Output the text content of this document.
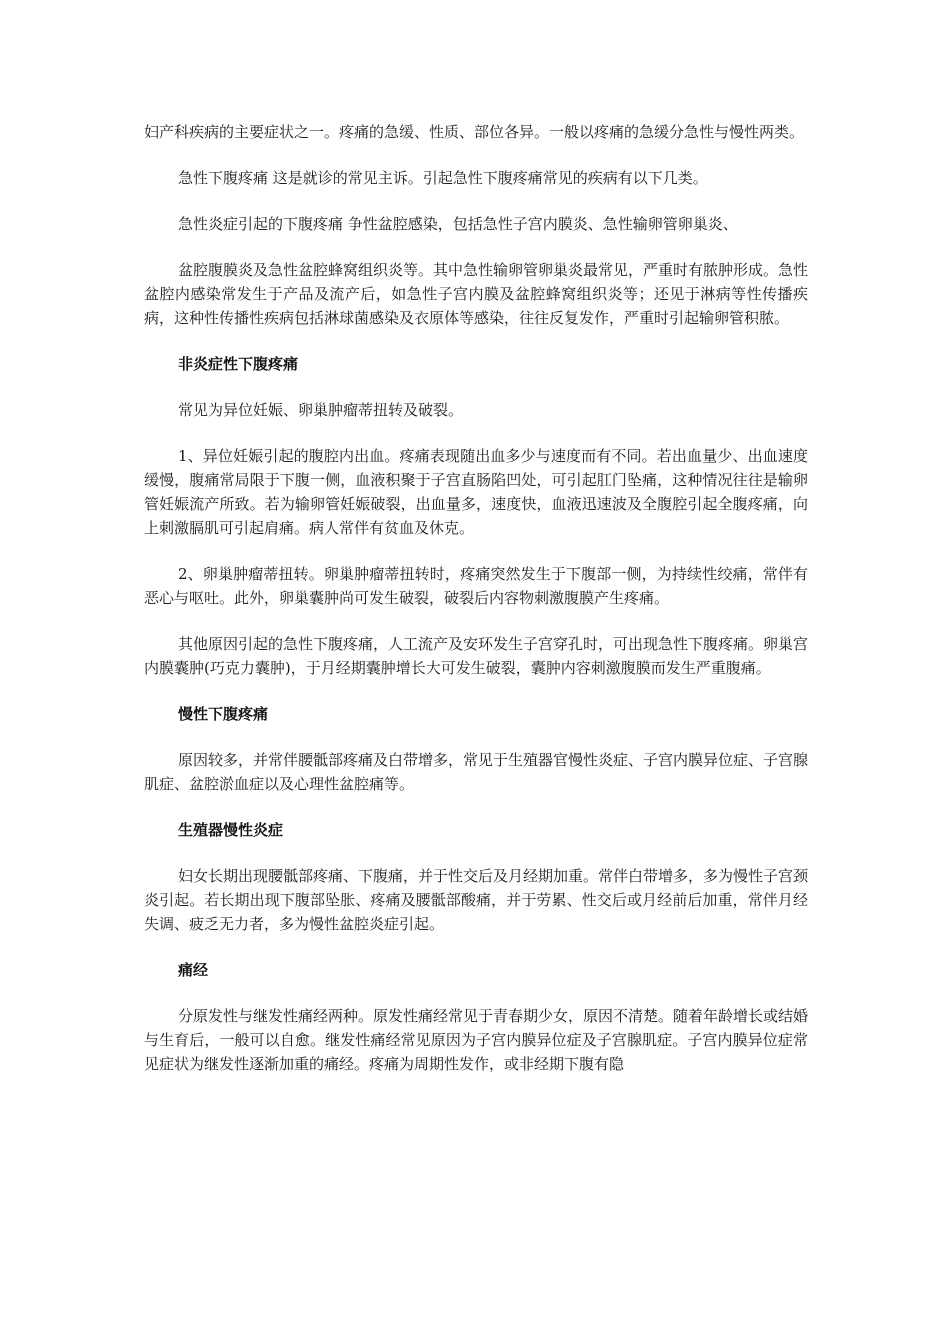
妇产科疾病的主要症状之一。疼痛的急缓、性质、部位各异。一般以疼痛的急缓分急性与慢性两类。

急性下腹疼痛 这是就诊的常见主诉。引起急性下腹疼痛常见的疾病有以下几类。

急性炎症引起的下腹疼痛 争性盆腔感染，包括急性子宫内膜炎、急性输卵管卵巢炎、

盆腔腹膜炎及急性盆腔蜂窝组织炎等。其中急性输卵管卵巢炎最常见，严重时有脓肿形成。急性盆腔内感染常发生于产品及流产后，如急性子宫内膜及盆腔蜂窝组织炎等；还见于淋病等性传播疾病，这种性传播性疾病包括淋球菌感染及衣原体等感染，往往反复发作，严重时引起输卵管积脓。

非炎症性下腹疼痛

常见为异位妊娠、卵巢肿瘤蒂扭转及破裂。

1、异位妊娠引起的腹腔内出血。疼痛表现随出血多少与速度而有不同。若出血量少、出血速度缓慢，腹痛常局限于下腹一侧，血液积聚于子宫直肠陷凹处，可引起肛门坠痛，这种情况往往是输卵管妊娠流产所致。若为输卵管妊娠破裂，出血量多，速度快，血液迅速波及全腹腔引起全腹疼痛，向上刺激膈肌可引起肩痛。病人常伴有贫血及休克。

2、卵巢肿瘤蒂扭转。卵巢肿瘤蒂扭转时，疼痛突然发生于下腹部一侧，为持续性绞痛，常伴有恶心与呕吐。此外，卵巢囊肿尚可发生破裂，破裂后内容物刺激腹膜产生疼痛。

其他原因引起的急性下腹疼痛，人工流产及安环发生子宫穿孔时，可出现急性下腹疼痛。卵巢宫内膜囊肿(巧克力囊肿)，于月经期囊肿增长大可发生破裂，囊肿内容刺激腹膜而发生严重腹痛。

慢性下腹疼痛

原因较多，并常伴腰骶部疼痛及白带增多，常见于生殖器官慢性炎症、子宫内膜异位症、子宫腺肌症、盆腔淤血症以及心理性盆腔痛等。

生殖器慢性炎症

妇女长期出现腰骶部疼痛、下腹痛，并于性交后及月经期加重。常伴白带增多，多为慢性子宫颈炎引起。若长期出现下腹部坠胀、疼痛及腰骶部酸痛，并于劳累、性交后或月经前后加重，常伴月经失调、疲乏无力者，多为慢性盆腔炎症引起。

痛经

分原发性与继发性痛经两种。原发性痛经常见于青春期少女，原因不清楚。随着年龄增长或结婚与生育后，一般可以自愈。继发性痛经常见原因为子宫内膜异位症及子宫腺肌症。子宫内膜异位症常见症状为继发性逐渐加重的痛经。疼痛为周期性发作，或非经期下腹有隐
